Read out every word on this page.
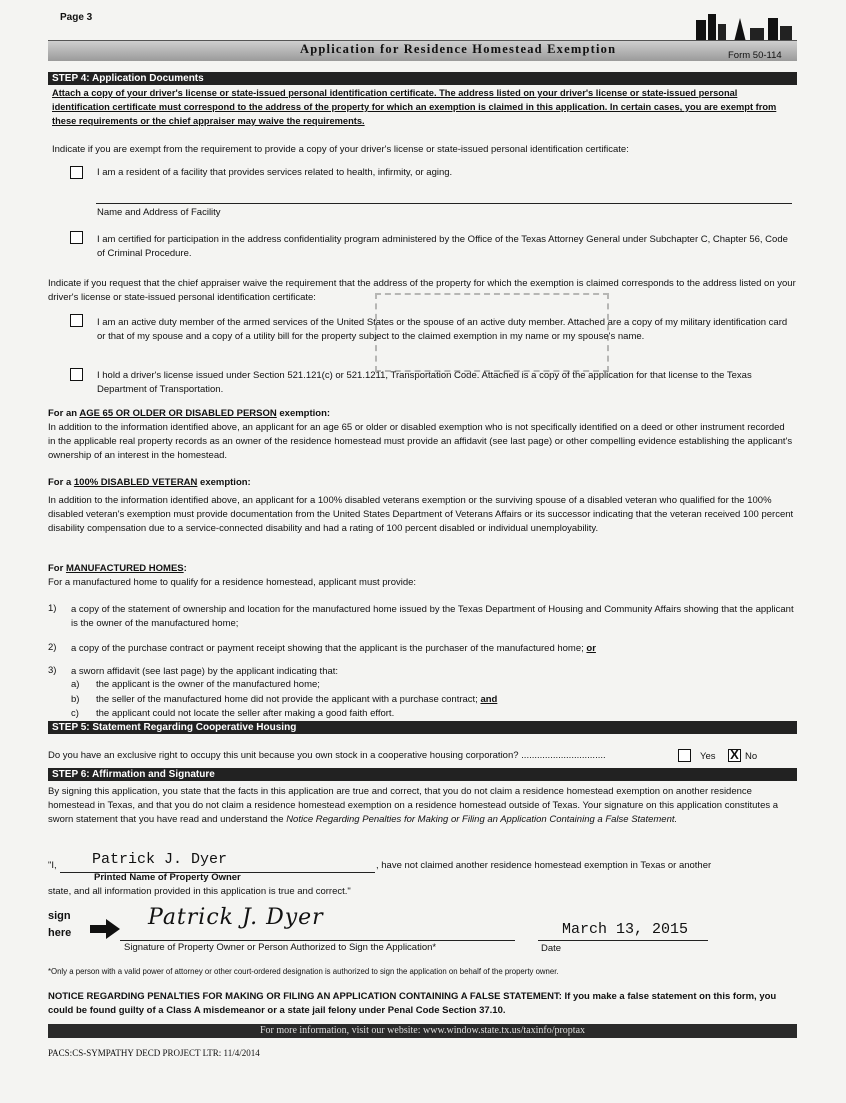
Page 3
Application for Residence Homestead Exemption	Form 50-114
STEP 4: Application Documents
Attach a copy of your driver's license or state-issued personal identification certificate. The address listed on your driver's license or state-issued personal identification certificate must correspond to the address of the property for which an exemption is claimed in this application. In certain cases, you are exempt from these requirements or the chief appraiser may waive the requirements.
Indicate if you are exempt from the requirement to provide a copy of your driver's license or state-issued personal identification certificate:
I am a resident of a facility that provides services related to health, infirmity, or aging.
Name and Address of Facility
I am certified for participation in the address confidentiality program administered by the Office of the Texas Attorney General under Subchapter C, Chapter 56, Code of Criminal Procedure.
Indicate if you request that the chief appraiser waive the requirement that the address of the property for which the exemption is claimed corresponds to the address listed on your driver's license or state-issued personal identification certificate:
I am an active duty member of the armed services of the United States or the spouse of an active duty member. Attached are a copy of my military identification card or that of my spouse and a copy of a utility bill for the property subject to the claimed exemption in my name or my spouse's name.
I hold a driver's license issued under Section 521.121(c) or 521.1211, Transportation Code. Attached is a copy of the application for that license to the Texas Department of Transportation.
For an AGE 65 OR OLDER OR DISABLED PERSON exemption:
In addition to the information identified above, an applicant for an age 65 or older or disabled exemption who is not specifically identified on a deed or other instrument recorded in the applicable real property records as an owner of the residence homestead must provide an affidavit (see last page) or other compelling evidence establishing the applicant's ownership of an interest in the homestead.
For a 100% DISABLED VETERAN exemption:
In addition to the information identified above, an applicant for a 100% disabled veterans exemption or the surviving spouse of a disabled veteran who qualified for the 100% disabled veteran's exemption must provide documentation from the United States Department of Veterans Affairs or its successor indicating that the veteran received 100 percent disability compensation due to a service-connected disability and had a rating of 100 percent disabled or individual unemployability.
For MANUFACTURED HOMES:
For a manufactured home to qualify for a residence homestead, applicant must provide:
1) a copy of the statement of ownership and location for the manufactured home issued by the Texas Department of Housing and Community Affairs showing that the applicant is the owner of the manufactured home;
2) a copy of the purchase contract or payment receipt showing that the applicant is the purchaser of the manufactured home; or
3) a sworn affidavit (see last page) by the applicant indicating that:
a) the applicant is the owner of the manufactured home;
b) the seller of the manufactured home did not provide the applicant with a purchase contract; and
c) the applicant could not locate the seller after making a good faith effort.
STEP 5: Statement Regarding Cooperative Housing
Do you have an exclusive right to occupy this unit because you own stock in a cooperative housing corporation? ................................	Yes X No
STEP 6: Affirmation and Signature
By signing this application, you state that the facts in this application are true and correct, that you do not claim a residence homestead exemption on another residence homestead in Texas, and that you do not claim a residence homestead exemption on a residence homestead outside of Texas. Your signature on this application constitutes a sworn statement that you have read and understand the Notice Regarding Penalties for Making or Filing an Application Containing a False Statement.
"I, Patrick J. Dyer	, have not claimed another residence homestead exemption in Texas or another
Printed Name of Property Owner
state, and all information provided in this application is true and correct."
sign
here
Patrick J. Dyer
Signature of Property Owner or Person Authorized to Sign the Application*
March 13, 2015
Date
*Only a person with a valid power of attorney or other court-ordered designation is authorized to sign the application on behalf of the property owner.
NOTICE REGARDING PENALTIES FOR MAKING OR FILING AN APPLICATION CONTAINING A FALSE STATEMENT: If you make a false statement on this form, you could be found guilty of a Class A misdemeanor or a state jail felony under Penal Code Section 37.10.
For more information, visit our website: www.window.state.tx.us/taxinfo/proptax
PACS:CS-SYMPATHY DECD PROJECT LTR: 11/4/2014
